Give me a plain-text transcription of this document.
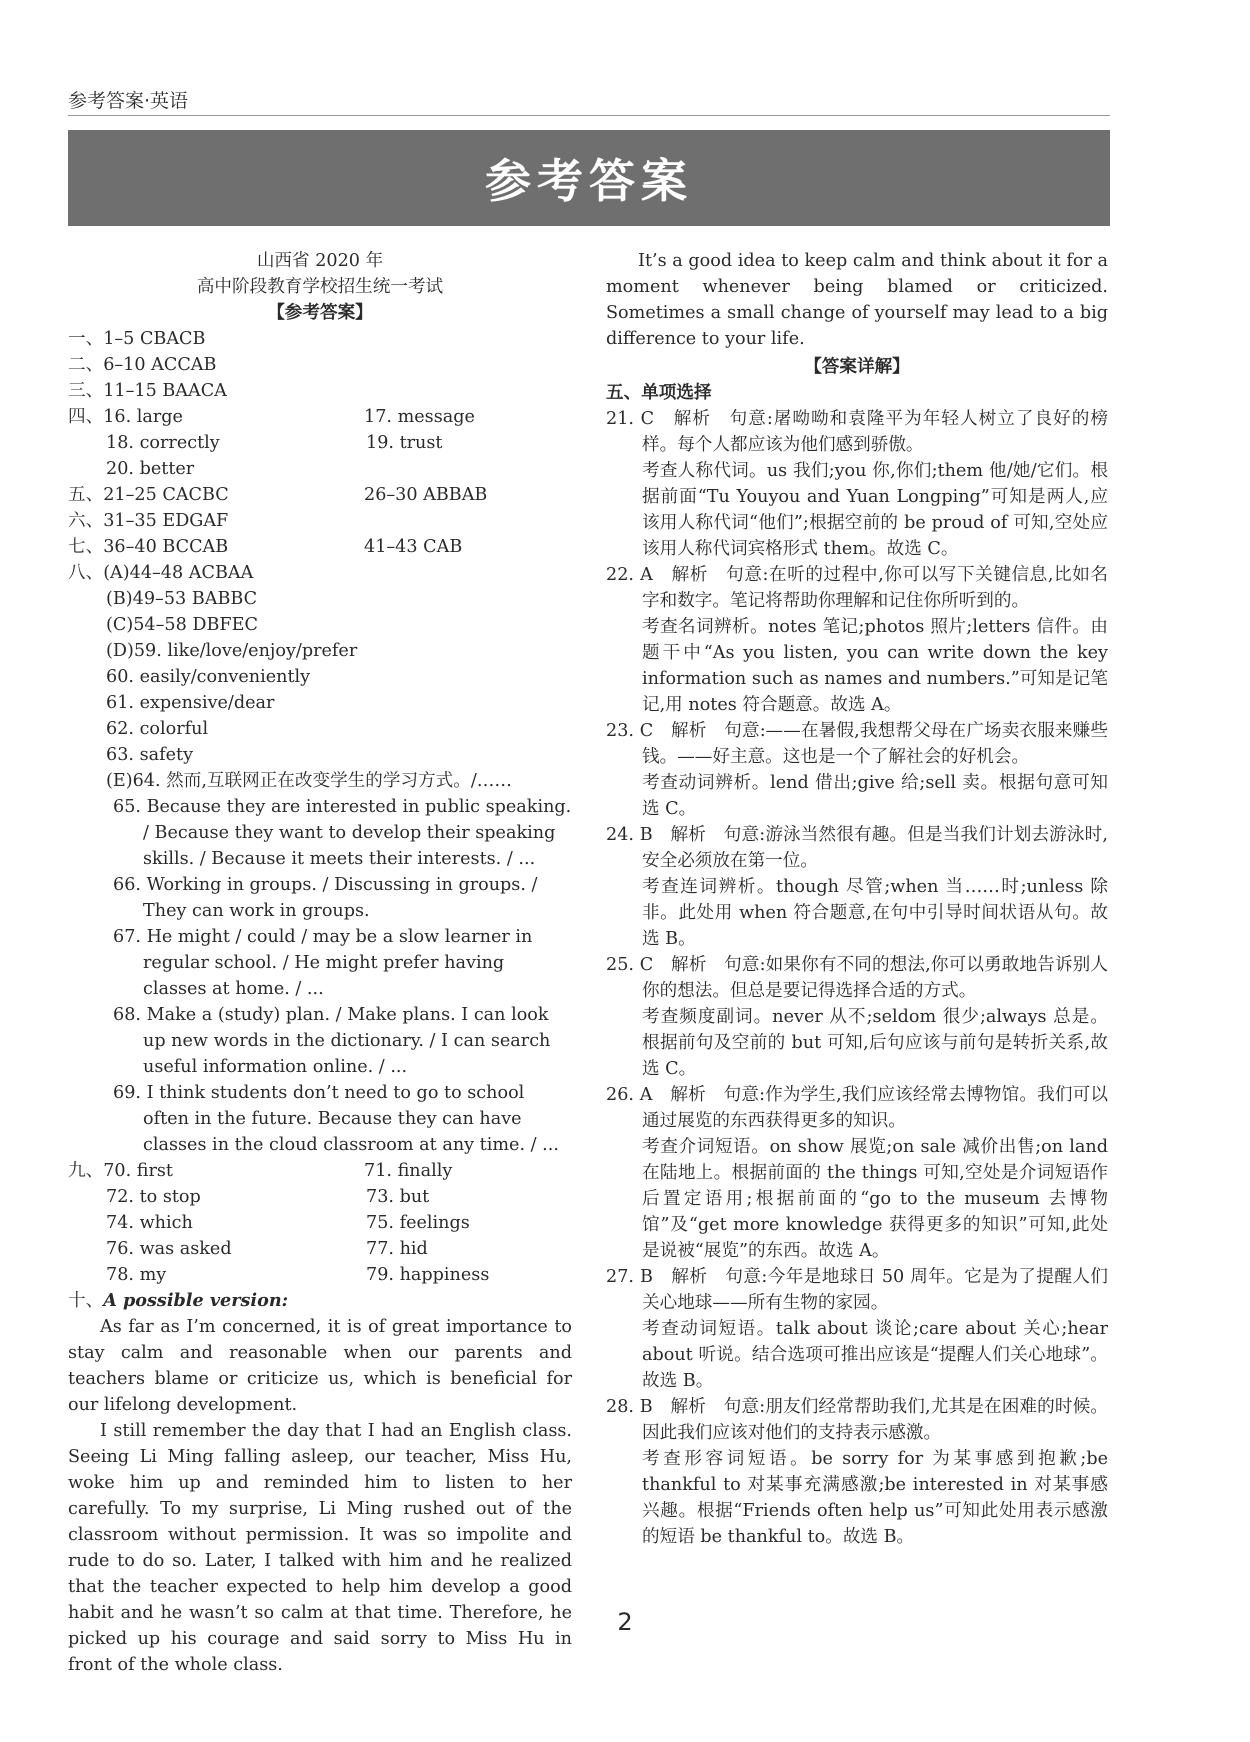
参考答案·英语
参考答案
山西省 2020 年
高中阶段教育学校招生统一考试
【参考答案】
一、1–5 CBACB
二、6–10 ACCAB
三、11–15 BAACA
四、16. large	17. message
18. correctly	19. trust
20. better
五、21–25 CACBC	26–30 ABBAB
六、31–35 EDGAF
七、36–40 BCCAB	41–43 CAB
八、(A)44–48 ACBAA
(B)49–53 BABBC
(C)54–58 DBFEC
(D)59. like/love/enjoy/prefer
60. easily/conveniently
61. expensive/dear
62. colorful
63. safety
(E)64. 然而,互联网正在改变学生的学习方式。/……
65. Because they are interested in public speaking. / Because they want to develop their speaking skills. / Because it meets their interests. / ...
66. Working in groups. / Discussing in groups. / They can work in groups.
67. He might / could / may be a slow learner in regular school. / He might prefer having classes at home. / ...
68. Make a (study) plan. / Make plans. I can look up new words in the dictionary. / I can search useful information online. / ...
69. I think students don’t need to go to school often in the future. Because they can have classes in the cloud classroom at any time. / ...
九、70. first	71. finally
72. to stop	73. but
74. which	75. feelings
76. was asked	77. hid
78. my	79. happiness
十、A possible version:
As far as I’m concerned, it is of great importance to stay calm and reasonable when our parents and teachers blame or criticize us, which is beneficial for our lifelong development.
I still remember the day that I had an English class. Seeing Li Ming falling asleep, our teacher, Miss Hu, woke him up and reminded him to listen to her carefully. To my surprise, Li Ming rushed out of the classroom without permission. It was so impolite and rude to do so. Later, I talked with him and he realized that the teacher expected to help him develop a good habit and he wasn’t so calm at that time. Therefore, he picked up his courage and said sorry to Miss Hu in front of the whole class.
It’s a good idea to keep calm and think about it for a moment whenever being blamed or criticized. Sometimes a small change of yourself may lead to a big difference to your life.
【答案详解】
五、单项选择
21. C　解析　句意:屠呦呦和袁隆平为年轻人树立了良好的榜样。每个人都应该为他们感到骄傲。
考查人称代词。us 我们;you 你,你们;them 他/她/它们。根据前面“Tu Youyou and Yuan Longping”可知是两人,应该用人称代词“他们”;根据空前的 be proud of 可知,空处应该用人称代词宾格形式 them。故选 C。
22. A　解析　句意:在听的过程中,你可以写下关键信息,比如名字和数字。笔记将帮助你理解和记住你所听到的。
考查名词辨析。notes 笔记;photos 照片;letters 信件。由题干中“As you listen, you can write down the key information such as names and numbers.”可知是记笔记,用 notes 符合题意。故选 A。
23. C　解析　句意:——在暑假,我想帮父母在广场卖衣服来赚些钱。——好主意。这也是一个了解社会的好机会。
考查动词辨析。lend 借出;give 给;sell 卖。根据句意可知选 C。
24. B　解析　句意:游泳当然很有趣。但是当我们计划去游泳时,安全必须放在第一位。
考查连词辨析。though 尽管;when 当……时;unless 除非。此处用 when 符合题意,在句中引导时间状语从句。故选 B。
25. C　解析　句意:如果你有不同的想法,你可以勇敢地告诉别人你的想法。但总是要记得选择合适的方式。
考查频度副词。never 从不;seldom 很少;always 总是。根据前句及空前的 but 可知,后句应该与前句是转折关系,故选 C。
26. A　解析　句意:作为学生,我们应该经常去博物馆。我们可以通过展览的东西获得更多的知识。
考查介词短语。on show 展览;on sale 减价出售;on land 在陆地上。根据前面的 the things 可知,空处是介词短语作后置定语用;根据前面的“go to the museum 去博物馆”及“get more knowledge 获得更多的知识”可知,此处是说被“展览”的东西。故选 A。
27. B　解析　句意:今年是地球日 50 周年。它是为了提醒人们关心地球——所有生物的家园。
考查动词短语。talk about 谈论;care about 关心;hear about 听说。结合选项可推出应该是“提醒人们关心地球”。故选 B。
28. B　解析　句意:朋友们经常帮助我们,尤其是在困难的时候。因此我们应该对他们的支持表示感激。
考查形容词短语。be sorry for 为某事感到抱歉;be thankful to 对某事充满感激;be interested in 对某事感兴趣。根据“Friends often help us”可知此处用表示感激的短语 be thankful to。故选 B。
2
